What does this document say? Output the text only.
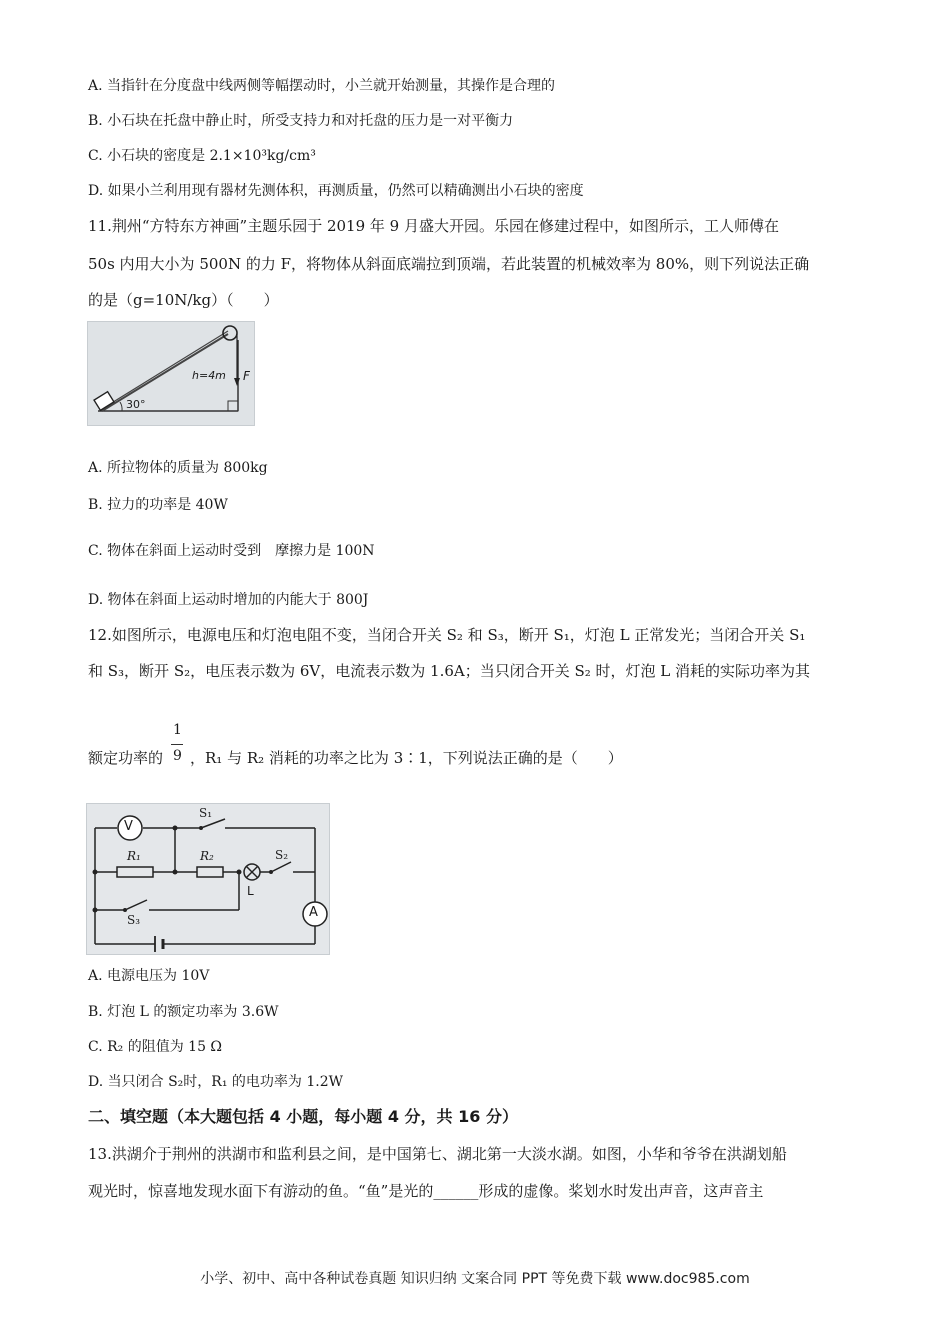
A. 当指针在分度盘中线两侧等幅摆动时，小兰就开始测量，其操作是合理的
B. 小石块在托盘中静止时，所受支持力和对托盘的压力是一对平衡力
C. 小石块的密度是 2.1×10³kg/cm³
D. 如果小兰利用现有器材先测体积，再测质量，仍然可以精确测出小石块的密度
11.荆州“方特东方神画”主题乐园于 2019 年 9 月盛大开园。乐园在修建过程中，如图所示，工人师傅在
50s 内用大小为 500N 的力 F，将物体从斜面底端拉到顶端，若此装置的机械效率为 80%，则下列说法正确
的是（g=10N/kg）（　　）
h=4m F
30°
A. 所拉物体的质量为 800kg
B. 拉力的功率是 40W
C. 物体在斜面上运动时受到　摩擦力是 100N
D. 物体在斜面上运动时增加的内能大于 800J
12.如图所示，电源电压和灯泡电阻不变，当闭合开关 S₂ 和 S₃，断开 S₁，灯泡 L 正常发光；当闭合开关 S₁
和 S₃，断开 S₂，电压表示数为 6V，电流表示数为 1.6A；当只闭合开关 S₂ 时，灯泡 L 消耗的实际功率为其
1
9
额定功率的 ，R₁ 与 R₂ 消耗的功率之比为 3∶1，下列说法正确的是（　　）
V
A
R₁	R₂
S₁
S₂
S₃
L
A. 电源电压为 10V
B. 灯泡 L 的额定功率为 3.6W
C. R₂ 的阻值为 15 Ω
D. 当只闭合 S₂时，R₁ 的电功率为 1.2W
二、填空题（本大题包括 4 小题，每小题 4 分，共 16 分）
13.洪湖介于荆州的洪湖市和监利县之间，是中国第七、湖北第一大淡水湖。如图，小华和爷爷在洪湖划船
观光时，惊喜地发现水面下有游动的鱼。“鱼”是光的______形成的虚像。桨划水时发出声音，这声音主
小学、初中、高中各种试卷真题 知识归纳 文案合同 PPT 等免费下载 www.doc985.com
